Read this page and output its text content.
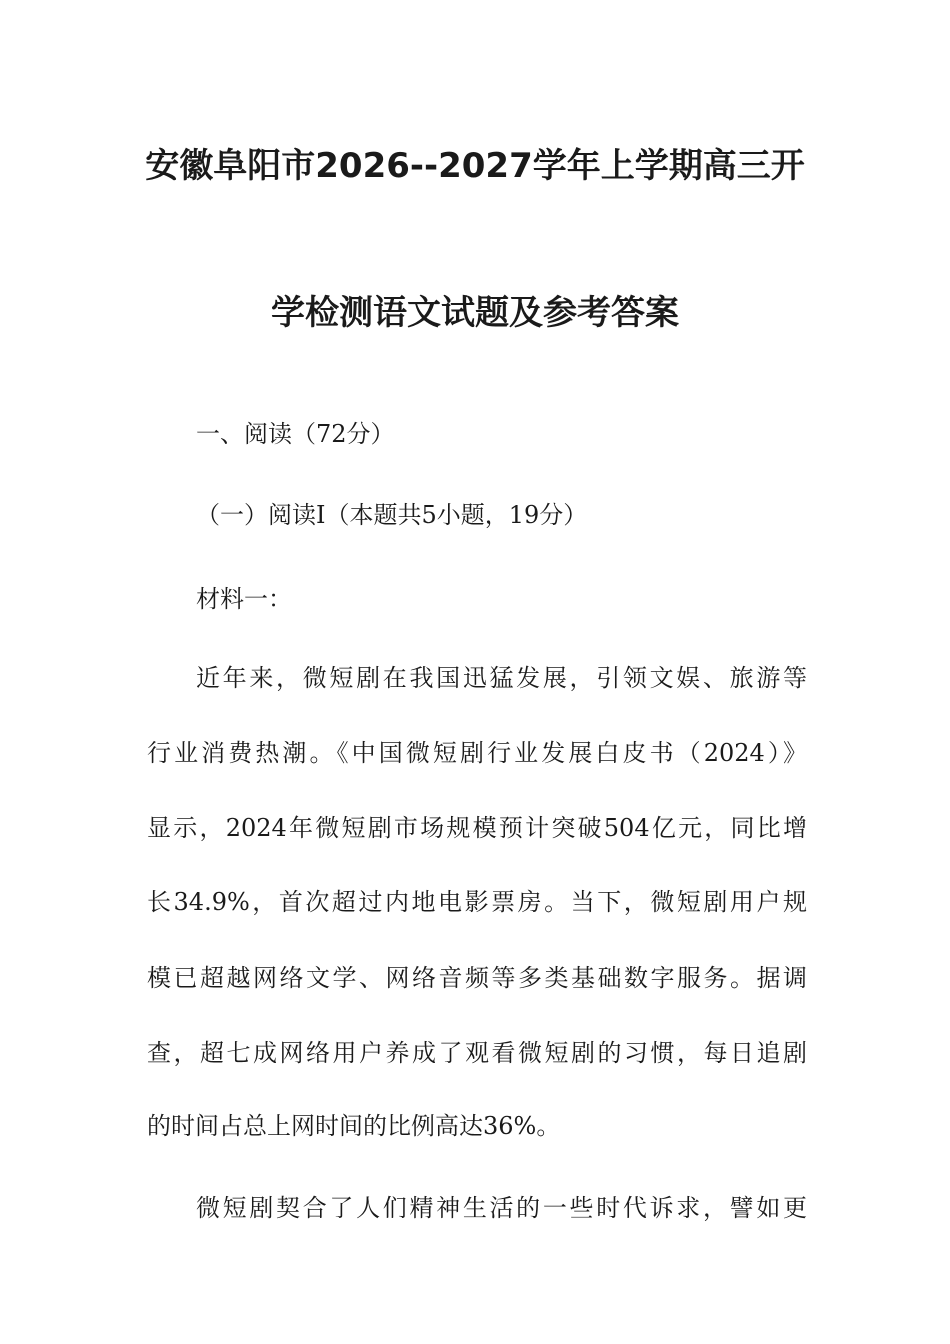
安徽阜阳市2026--2027学年上学期高三开
学检测语文试题及参考答案
一、阅读（72分）
（一）阅读I（本题共5小题，19分）
材料一：
近年来，微短剧在我国迅猛发展，引领文娱、旅游等
行业消费热潮。《中国微短剧行业发展白皮书（2024）》
显示，2024年微短剧市场规模预计突破504亿元，同比增
长34.9%，首次超过内地电影票房。当下，微短剧用户规
模已超越网络文学、网络音频等多类基础数字服务。据调
查，超七成网络用户养成了观看微短剧的习惯，每日追剧
的时间占总上网时间的比例高达36%。
微短剧契合了人们精神生活的一些时代诉求，譬如更
